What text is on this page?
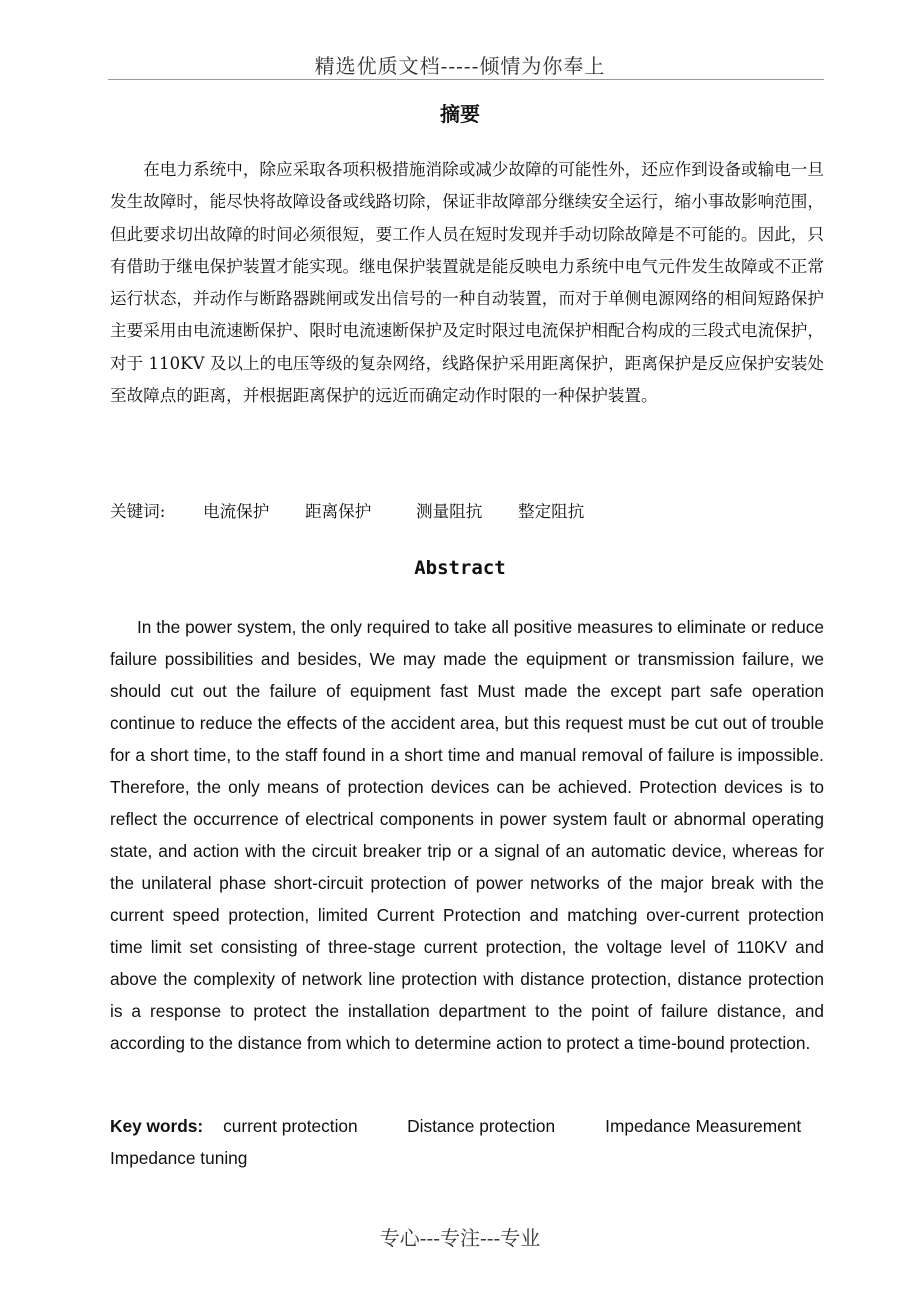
精选优质文档-----倾情为你奉上
摘要

在电力系统中，除应采取各项积极措施消除或减少故障的可能性外，还应作到设备或输电一旦发生故障时，能尽快将故障设备或线路切除，保证非故障部分继续安全运行，缩小事故影响范围，但此要求切出故障的时间必须很短，要工作人员在短时发现并手动切除故障是不可能的。因此，只有借助于继电保护装置才能实现。继电保护装置就是能反映电力系统中电气元件发生故障或不正常运行状态，并动作与断路器跳闸或发出信号的一种自动装置，而对于单侧电源网络的相间短路保护主要采用由电流速断保护、限时电流速断保护及定时限过电流保护相配合构成的三段式电流保护，对于 110KV 及以上的电压等级的复杂网络，线路保护采用距离保护，距离保护是反应保护安装处至故障点的距离，并根据距离保护的远近而确定动作时限的一种保护装置。

关键词: 电流保护 距离保护	测量阻抗 整定阻抗
Abstract

In the power system, the only required to take all positive measures to eliminate or reduce failure possibilities and besides, We may made the equipment or transmission failure, we should cut out the failure of equipment fast Must made the except part safe operation continue to reduce the effects of the accident area, but this request must be cut out of trouble for a short time, to the staff found in a short time and manual removal of failure is impossible. Therefore, the only means of protection devices can be achieved. Protection devices is to reflect the occurrence of electrical components in power system fault or abnormal operating state, and action with the circuit breaker trip or a signal of an automatic device, whereas for the unilateral phase short-circuit protection of power networks of the major break with the current speed protection, limited Current Protection and matching over-current protection time limit set consisting of three-stage current protection, the voltage level of 110KV and above the complexity of network line protection with distance protection, distance protection is a response to protect the installation department to the point of failure distance, and according to the distance from which to determine action to protect a time-bound protection.

Key words: current protection	Distance protection	Impedance Measurement
Impedance tuning
专心---专注---专业
